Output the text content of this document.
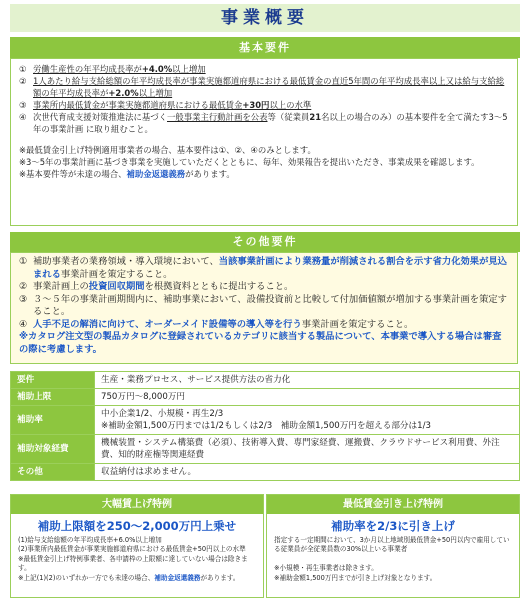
事業概要
基本要件
① 労働生産性の年平均成長率が+4.0%以上増加
② 1人あたり給与支給総額の年平均成長率が事業実施都道府県における最低賃金の直近5年間の年平均成長率以上又は給与支給総額の年平均成長率が+2.0%以上増加
③ 事業所内最低賃金が事業実施都道府県における最低賃金+30円以上の水準
④ 次世代育成支援対策推進法に基づく一般事業主行動計画を公表等（従業員21名以上の場合のみ）の基本要件を全て満たす3～5年の事業計画 に取り組むこと。
※最低賃金引上げ特例適用事業者の場合、基本要件は①、②、④のみとします。
※3～5年の事業計画に基づき事業を実施していただくとともに、毎年、効果報告を提出いただき、事業成果を確認します。
※基本要件等が未達の場合、補助金返還義務があります。
その他要件
① 補助事業者の業務領域・導入環境において、当該事業計画により業務量が削減される割合を示す省力化効果が見込まれる事業計画を策定すること。
② 事業計画上の投資回収期間を根拠資料とともに提出すること。
③ ３～５年の事業計画期間内に、補助事業において、設備投資前と比較して付加価値額が増加する事業計画を策定すること。
④ 人手不足の解消に向けて、オーダーメイド設備等の導入等を行う事業計画を策定すること。
※カタログ注文型の製品カタログに登録されているカテゴリに該当する製品について、本事業で導入する場合は審査の際に考慮します。
要件	生産・業務プロセス、サービス提供方法の省力化

補助上限	750万円～8,000万円

補助率	中小企業1/2、小規模・再生2/3
※補助金額1,500万円までは1/2もしくは2/3　補助金額1,500万円を超える部分は1/3

補助対象経費	機械装置・システム構築費（必須）、技術導入費、専門家経費、運搬費、クラウドサービス利用費、外注費、知的財産権等関連経費

その他	収益納付は求めません。
大幅賃上げ特例
補助上限額を250～2,000万円上乗せ
(1)給与支給総額の年平均成長率+6.0%以上増加
(2)事業所内最低賃金が事業実施都道府県における最低賃金+50円以上の水準
※最低賃金引上げ特例事業者、各申請枠の上限額に達していない場合は除きます。
※上記(1)(2)のいずれか一方でも未達の場合、補助金返還義務があります。
最低賃金引き上げ特例
補助率を2/3に引き上げ
指定する一定期間において、3か月以上地域別最低賃金+50円以内で雇用している従業員が全従業員数の30%以上いる事業者

※小規模・再生事業者は除きます。
※補助金額1,500万円までが引き上げ対象となります。
